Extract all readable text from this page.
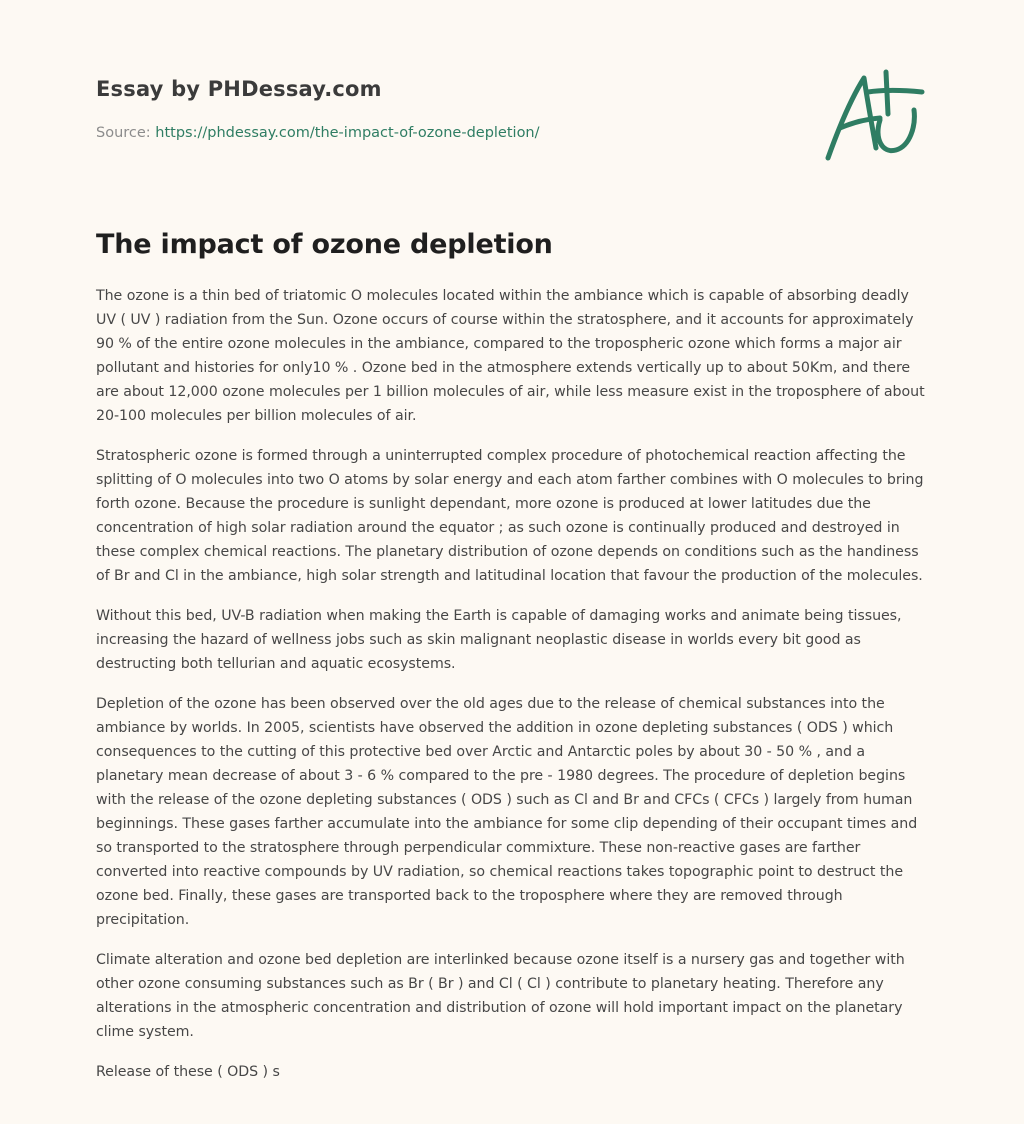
Essay by PHDessay.com
Source: https://phdessay.com/the-impact-of-ozone-depletion/
The impact of ozone depletion

The ozone is a thin bed of triatomic O molecules located within the ambiance which is capable of absorbing deadly UV ( UV ) radiation from the Sun. Ozone occurs of course within the stratosphere, and it accounts for approximately 90 % of the entire ozone molecules in the ambiance, compared to the tropospheric ozone which forms a major air pollutant and histories for only10 % . Ozone bed in the atmosphere extends vertically up to about 50Km, and there are about 12,000 ozone molecules per 1 billion molecules of air, while less measure exist in the troposphere of about 20-100 molecules per billion molecules of air.

Stratospheric ozone is formed through a uninterrupted complex procedure of photochemical reaction affecting the splitting of O molecules into two O atoms by solar energy and each atom farther combines with O molecules to bring forth ozone. Because the procedure is sunlight dependant, more ozone is produced at lower latitudes due the concentration of high solar radiation around the equator ; as such ozone is continually produced and destroyed in these complex chemical reactions. The planetary distribution of ozone depends on conditions such as the handiness of Br and Cl in the ambiance, high solar strength and latitudinal location that favour the production of the molecules.

Without this bed, UV-B radiation when making the Earth is capable of damaging works and animate being tissues, increasing the hazard of wellness jobs such as skin malignant neoplastic disease in worlds every bit good as destructing both tellurian and aquatic ecosystems.

Depletion of the ozone has been observed over the old ages due to the release of chemical substances into the ambiance by worlds. In 2005, scientists have observed the addition in ozone depleting substances ( ODS ) which consequences to the cutting of this protective bed over Arctic and Antarctic poles by about 30 - 50 % , and a planetary mean decrease of about 3 - 6 % compared to the pre - 1980 degrees. The procedure of depletion begins with the release of the ozone depleting substances ( ODS ) such as Cl and Br and CFCs ( CFCs ) largely from human beginnings. These gases farther accumulate into the ambiance for some clip depending of their occupant times and so transported to the stratosphere through perpendicular commixture. These non-reactive gases are farther converted into reactive compounds by UV radiation, so chemical reactions takes topographic point to destruct the ozone bed. Finally, these gases are transported back to the troposphere where they are removed through precipitation.

Climate alteration and ozone bed depletion are interlinked because ozone itself is a nursery gas and together with other ozone consuming substances such as Br ( Br ) and Cl ( Cl ) contribute to planetary heating. Therefore any alterations in the atmospheric concentration and distribution of ozone will hold important impact on the planetary clime system.

Release of these ( ODS ) s
